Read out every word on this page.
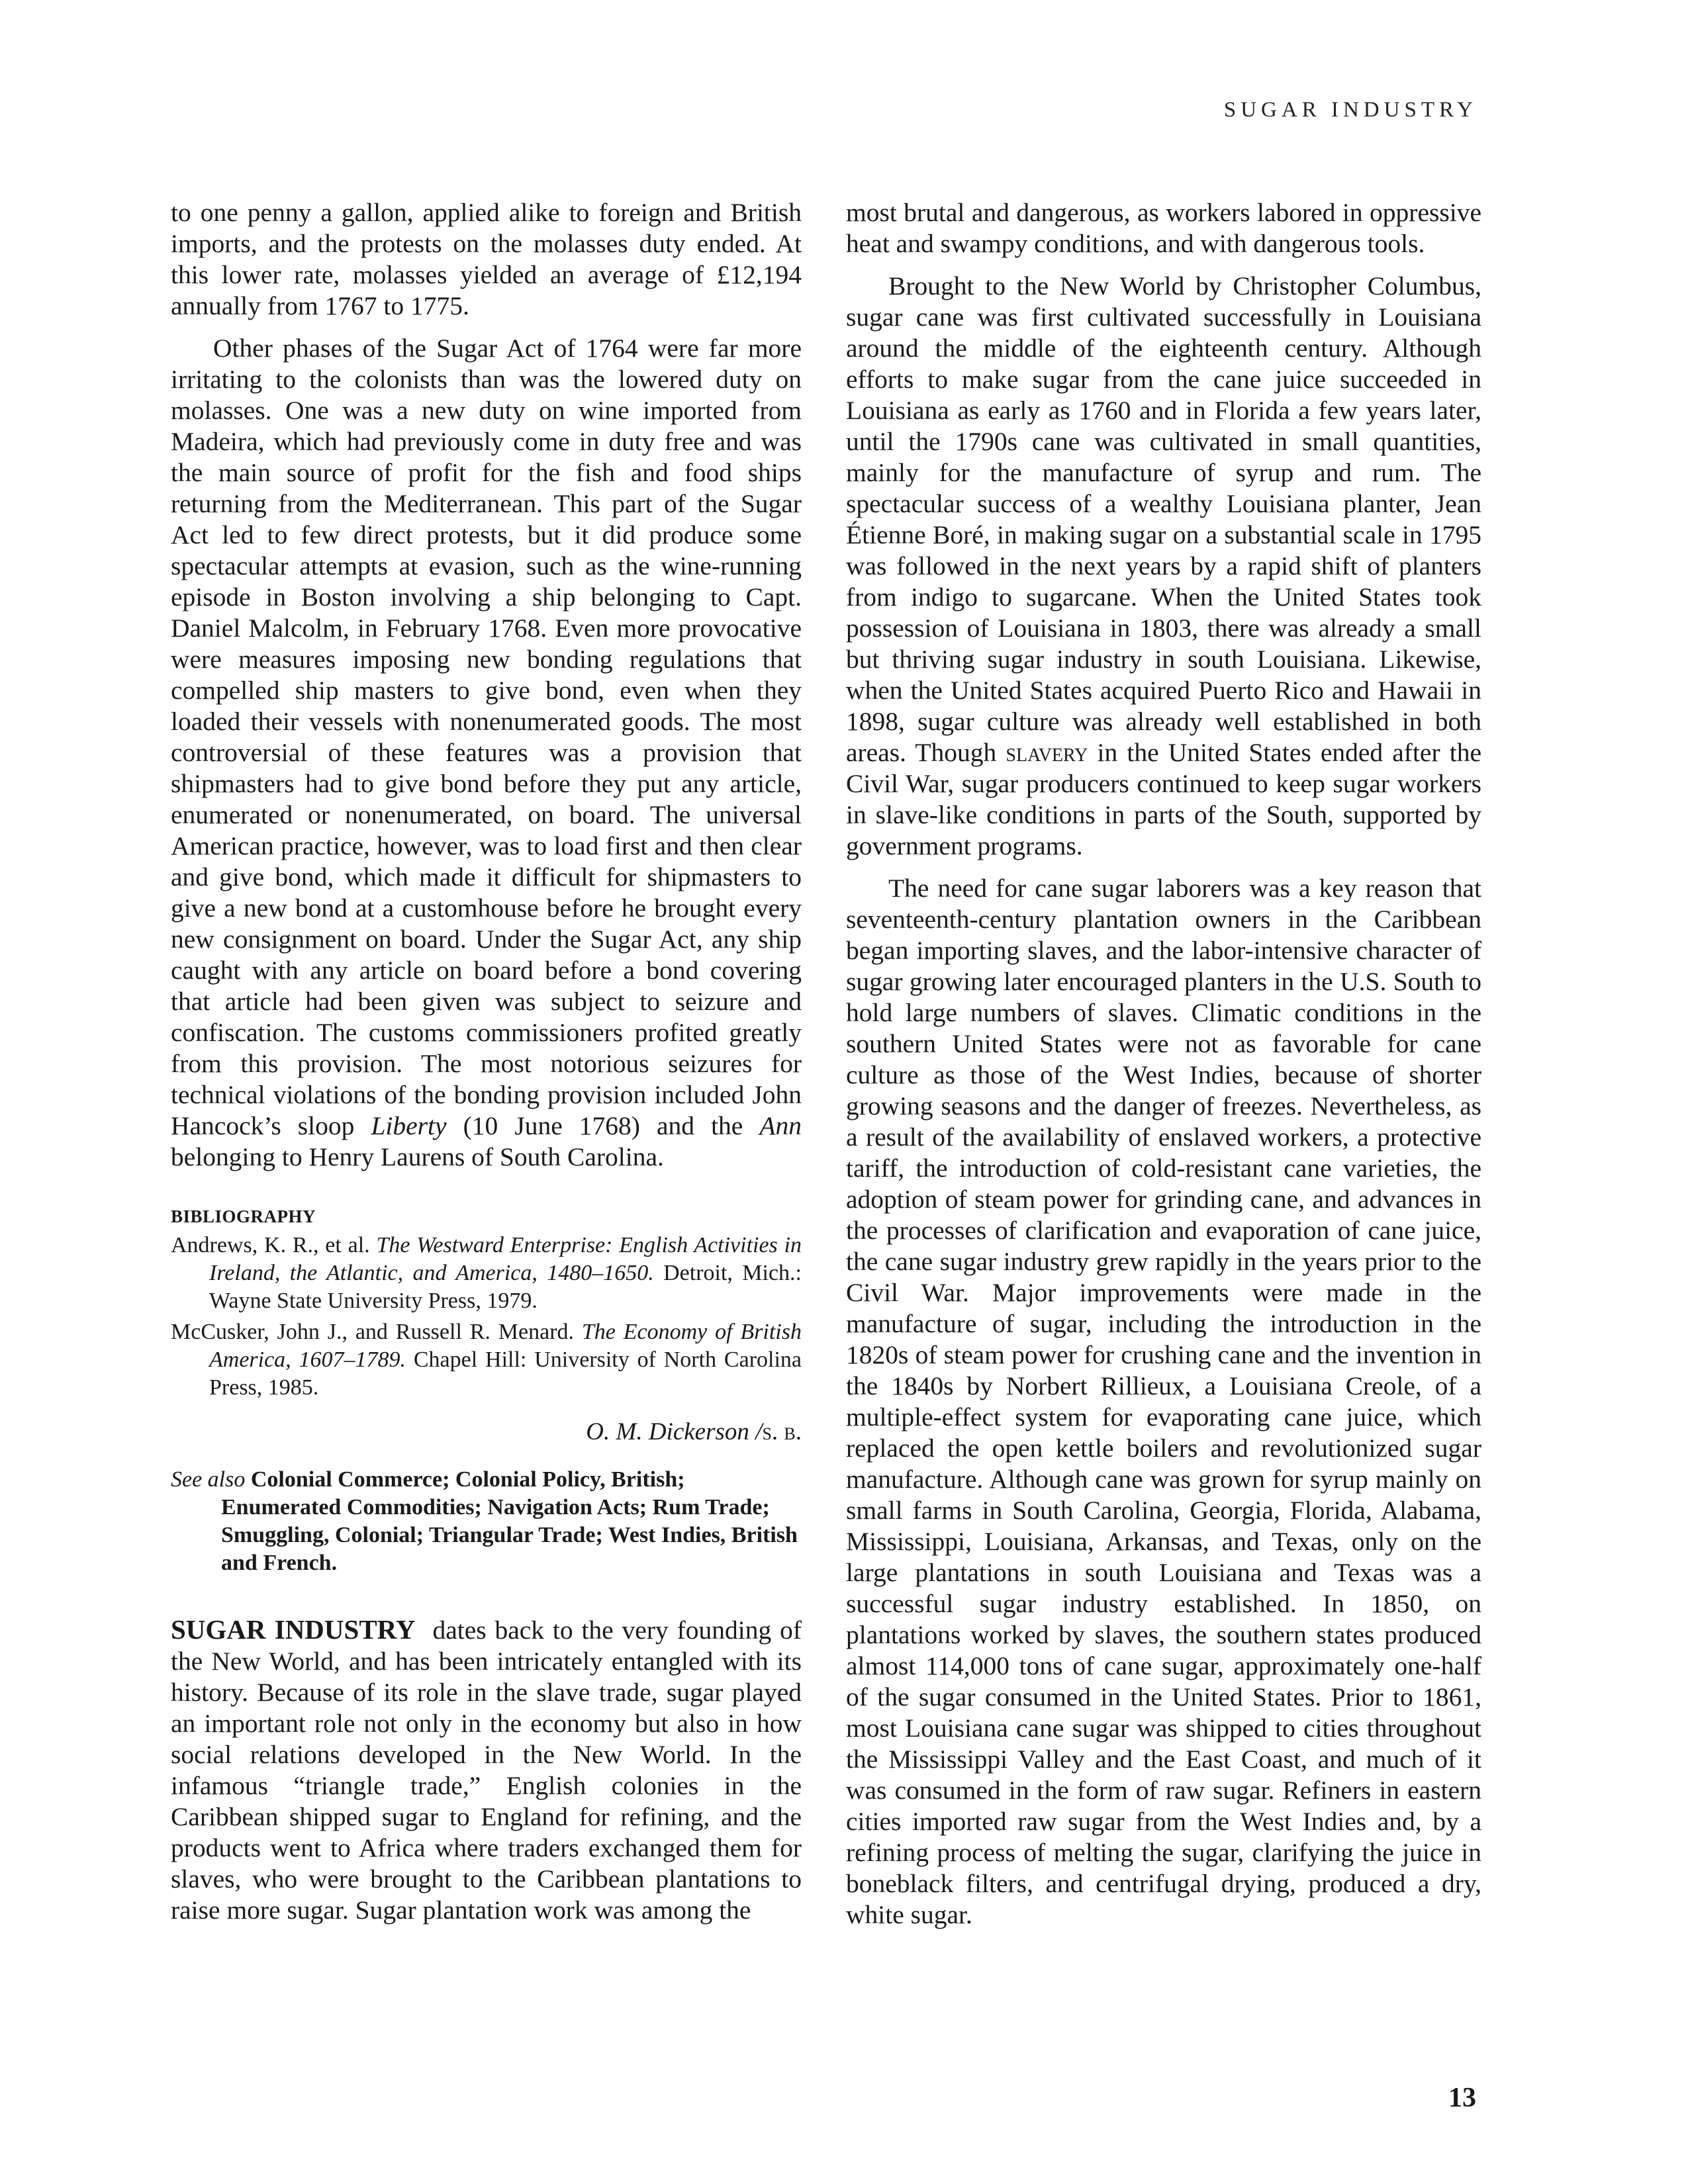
SUGAR INDUSTRY

to one penny a gallon, applied alike to foreign and British imports, and the protests on the molasses duty ended. At this lower rate, molasses yielded an average of £12,194 annually from 1767 to 1775.

Other phases of the Sugar Act of 1764 were far more irritating to the colonists than was the lowered duty on molasses. One was a new duty on wine imported from Madeira, which had previously come in duty free and was the main source of profit for the fish and food ships returning from the Mediterranean. This part of the Sugar Act led to few direct protests, but it did produce some spectacular attempts at evasion, such as the wine-running episode in Boston involving a ship belonging to Capt. Daniel Malcolm, in February 1768. Even more provocative were measures imposing new bonding regulations that compelled ship masters to give bond, even when they loaded their vessels with nonenumerated goods. The most controversial of these features was a provision that shipmasters had to give bond before they put any article, enumerated or nonenumerated, on board. The universal American practice, however, was to load first and then clear and give bond, which made it difficult for shipmasters to give a new bond at a customhouse before he brought every new consignment on board. Under the Sugar Act, any ship caught with any article on board before a bond covering that article had been given was subject to seizure and confiscation. The customs commissioners profited greatly from this provision. The most notorious seizures for technical violations of the bonding provision included John Hancock’s sloop Liberty (10 June 1768) and the Ann belonging to Henry Laurens of South Carolina.

BIBLIOGRAPHY

Andrews, K. R., et al. The Westward Enterprise: English Activities in Ireland, the Atlantic, and America, 1480–1650. Detroit, Mich.: Wayne State University Press, 1979.

McCusker, John J., and Russell R. Menard. The Economy of British America, 1607–1789. Chapel Hill: University of North Carolina Press, 1985.

O. M. Dickerson /s. b.

See also Colonial Commerce; Colonial Policy, British; Enumerated Commodities; Navigation Acts; Rum Trade; Smuggling, Colonial; Triangular Trade; West Indies, British and French.

SUGAR INDUSTRY dates back to the very founding of the New World, and has been intricately entangled with its history. Because of its role in the slave trade, sugar played an important role not only in the economy but also in how social relations developed in the New World. In the infamous “triangle trade,” English colonies in the Caribbean shipped sugar to England for refining, and the products went to Africa where traders exchanged them for slaves, who were brought to the Caribbean plantations to raise more sugar. Sugar plantation work was among the

most brutal and dangerous, as workers labored in oppressive heat and swampy conditions, and with dangerous tools.

Brought to the New World by Christopher Columbus, sugar cane was first cultivated successfully in Louisiana around the middle of the eighteenth century. Although efforts to make sugar from the cane juice succeeded in Louisiana as early as 1760 and in Florida a few years later, until the 1790s cane was cultivated in small quantities, mainly for the manufacture of syrup and rum. The spectacular success of a wealthy Louisiana planter, Jean Étienne Boré, in making sugar on a substantial scale in 1795 was followed in the next years by a rapid shift of planters from indigo to sugarcane. When the United States took possession of Louisiana in 1803, there was already a small but thriving sugar industry in south Louisiana. Likewise, when the United States acquired Puerto Rico and Hawaii in 1898, sugar culture was already well established in both areas. Though slavery in the United States ended after the Civil War, sugar producers continued to keep sugar workers in slave-like conditions in parts of the South, supported by government programs.

The need for cane sugar laborers was a key reason that seventeenth-century plantation owners in the Caribbean began importing slaves, and the labor-intensive character of sugar growing later encouraged planters in the U.S. South to hold large numbers of slaves. Climatic conditions in the southern United States were not as favorable for cane culture as those of the West Indies, because of shorter growing seasons and the danger of freezes. Nevertheless, as a result of the availability of enslaved workers, a protective tariff, the introduction of cold-resistant cane varieties, the adoption of steam power for grinding cane, and advances in the processes of clarification and evaporation of cane juice, the cane sugar industry grew rapidly in the years prior to the Civil War. Major improvements were made in the manufacture of sugar, including the introduction in the 1820s of steam power for crushing cane and the invention in the 1840s by Norbert Rillieux, a Louisiana Creole, of a multiple-effect system for evaporating cane juice, which replaced the open kettle boilers and revolutionized sugar manufacture. Although cane was grown for syrup mainly on small farms in South Carolina, Georgia, Florida, Alabama, Mississippi, Louisiana, Arkansas, and Texas, only on the large plantations in south Louisiana and Texas was a successful sugar industry established. In 1850, on plantations worked by slaves, the southern states produced almost 114,000 tons of cane sugar, approximately one-half of the sugar consumed in the United States. Prior to 1861, most Louisiana cane sugar was shipped to cities throughout the Mississippi Valley and the East Coast, and much of it was consumed in the form of raw sugar. Refiners in eastern cities imported raw sugar from the West Indies and, by a refining process of melting the sugar, clarifying the juice in boneblack filters, and centrifugal drying, produced a dry, white sugar.

13
